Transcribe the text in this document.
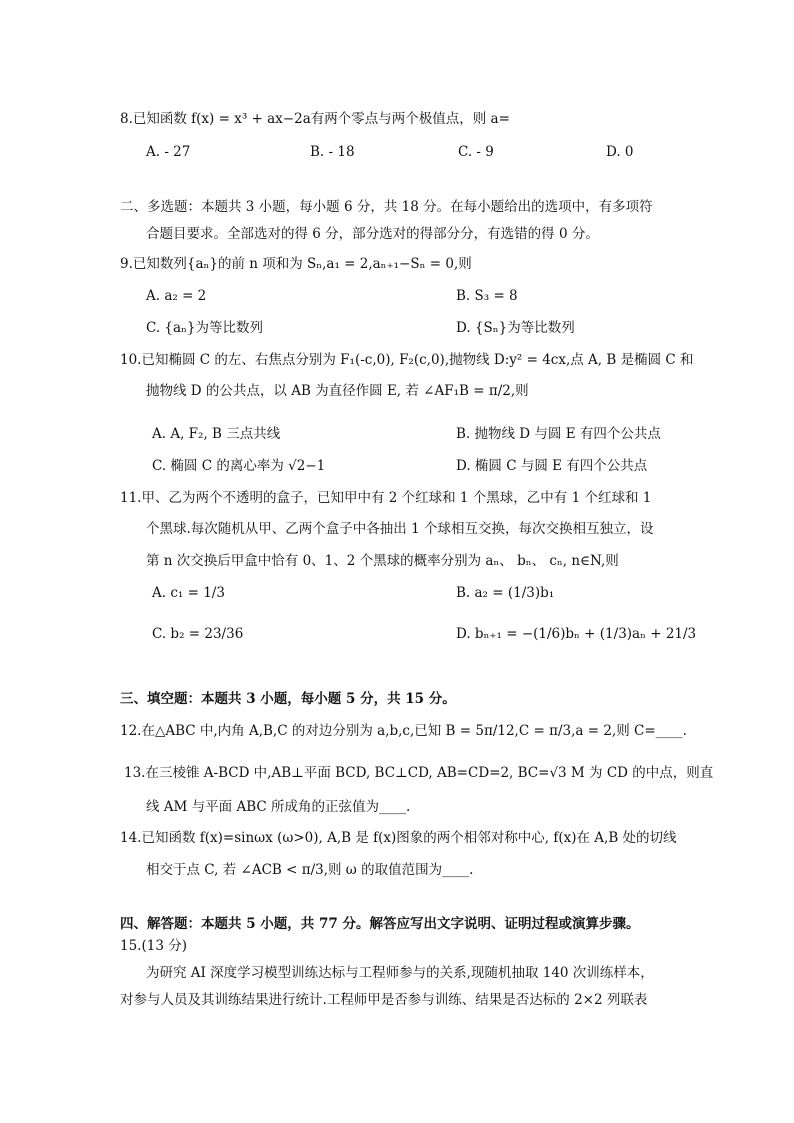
8.已知函数 f(x) = x³ + ax−2a有两个零点与两个极值点，则 a=
A. - 27	B. - 18	C. - 9	D. 0
二、多选题：本题共 3 小题，每小题 6 分，共 18 分。在每小题给出的选项中，有多项符
合题目要求。全部选对的得 6 分，部分选对的得部分分，有选错的得 0 分。
9.已知数列{aₙ}的前 n 项和为 Sₙ,a₁ = 2,aₙ₊₁−Sₙ = 0,则
A. a₂ = 2	B. S₃ = 8
C. {aₙ}为等比数列	D. {Sₙ}为等比数列
10.已知椭圆 C 的左、右焦点分别为 F₁(-c,0), F₂(c,0),抛物线 D:y² = 4cx,点 A, B 是椭圆 C 和
抛物线 D 的公共点，以 AB 为直径作圆 E, 若 ∠AF₁B = π/2,则
A. A, F₂, B 三点共线	B. 抛物线 D 与圆 E 有四个公共点
C. 椭圆 C 的离心率为 √2−1	D. 椭圆 C 与圆 E 有四个公共点
11.甲、乙为两个不透明的盒子，已知甲中有 2 个红球和 1 个黑球，乙中有 1 个红球和 1
个黑球.每次随机从甲、乙两个盒子中各抽出 1 个球相互交换，每次交换相互独立，设
第 n 次交换后甲盒中恰有 0、1、2 个黑球的概率分别为 aₙ、 bₙ、 cₙ, n∈N,则
A. c₁ = 1/3	B. a₂ = (1/3)b₁
C. b₂ = 23/36	D. bₙ₊₁ = −(1/6)bₙ + (1/3)aₙ + 21/3
三、填空题：本题共 3 小题，每小题 5 分，共 15 分。
12.在△ABC 中,内角 A,B,C 的对边分别为 a,b,c,已知 B = 5π/12,C = π/3,a = 2,则 C=____.
13.在三棱锥 A-BCD 中,AB⊥平面 BCD, BC⊥CD, AB=CD=2, BC=√3 M 为 CD 的中点，则直
线 AM 与平面 ABC 所成角的正弦值为____.
14.已知函数 f(x)=sinωx (ω>0), A,B 是 f(x)图象的两个相邻对称中心, f(x)在 A,B 处的切线
相交于点 C, 若 ∠ACB < π/3,则 ω 的取值范围为____.
四、解答题：本题共 5 小题，共 77 分。解答应写出文字说明、证明过程或演算步骤。
15.(13 分)
为研究 AI 深度学习模型训练达标与工程师参与的关系,现随机抽取 140 次训练样本，
对参与人员及其训练结果进行统计.工程师甲是否参与训练、结果是否达标的 2×2 列联表
